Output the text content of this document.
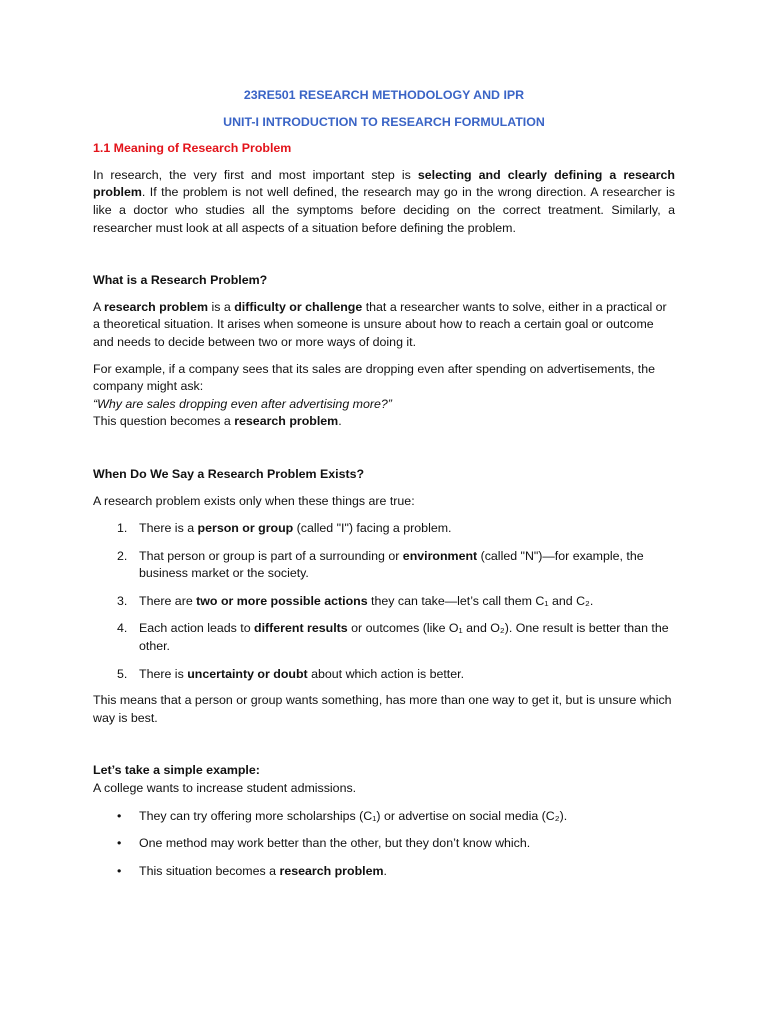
23RE501 RESEARCH METHODOLOGY AND IPR

UNIT-I INTRODUCTION TO RESEARCH FORMULATION

1.1 Meaning of Research Problem

In research, the very first and most important step is selecting and clearly defining a research problem. If the problem is not well defined, the research may go in the wrong direction. A researcher is like a doctor who studies all the symptoms before deciding on the correct treatment. Similarly, a researcher must look at all aspects of a situation before defining the problem.

What is a Research Problem?

A research problem is a difficulty or challenge that a researcher wants to solve, either in a practical or a theoretical situation. It arises when someone is unsure about how to reach a certain goal or outcome and needs to decide between two or more ways of doing it.

For example, if a company sees that its sales are dropping even after spending on advertisements, the company might ask:
“Why are sales dropping even after advertising more?”
This question becomes a research problem.

When Do We Say a Research Problem Exists?

A research problem exists only when these things are true:

1. There is a person or group (called "I") facing a problem.
2. That person or group is part of a surrounding or environment (called "N")—for example, the business market or the society.
3. There are two or more possible actions they can take—let’s call them C₁ and C₂.
4. Each action leads to different results or outcomes (like O₁ and O₂). One result is better than the other.
5. There is uncertainty or doubt about which action is better.

This means that a person or group wants something, has more than one way to get it, but is unsure which way is best.

Let’s take a simple example:

A college wants to increase student admissions.

• They can try offering more scholarships (C₁) or advertise on social media (C₂).
• One method may work better than the other, but they don’t know which.
• This situation becomes a research problem.
